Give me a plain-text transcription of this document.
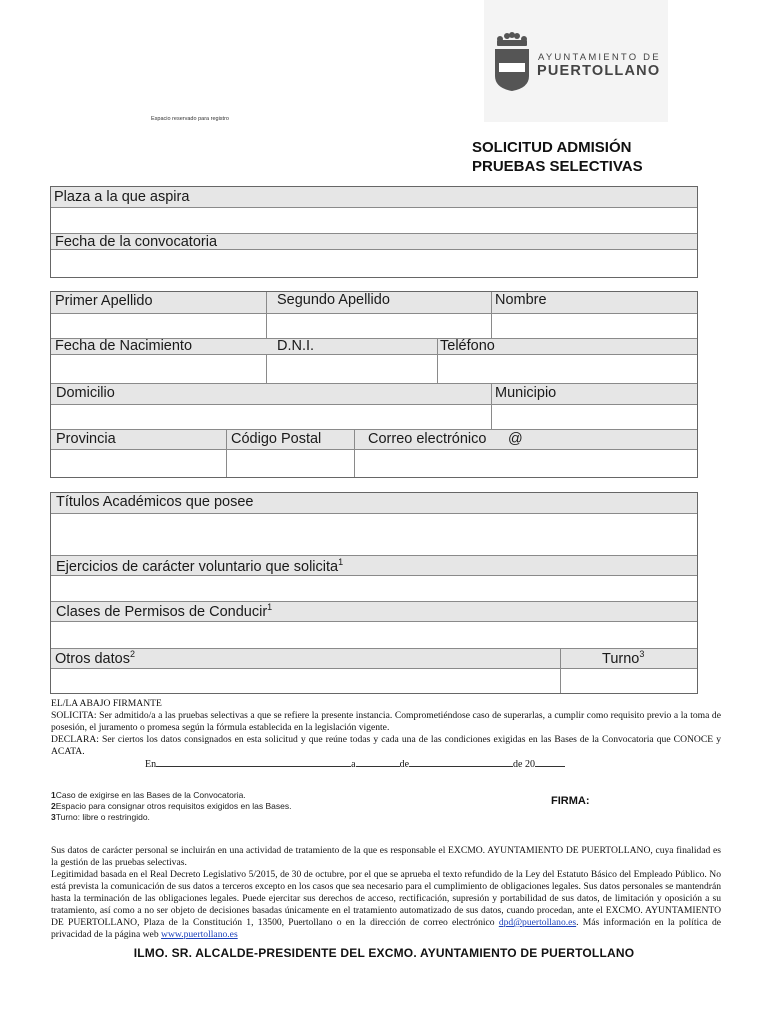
AYUNTAMIENTO DE
PUERTOLLANO
Espacio reservado para registro
SOLICITUD ADMISIÓN
PRUEBAS SELECTIVAS
Plaza a la que aspira
Fecha de la convocatoria
Primer Apellido	Segundo Apellido	Nombre
Fecha de Nacimiento	D.N.I.	Teléfono
Domicilio	Municipio
Provincia	Código Postal	Correo electrónico @
Títulos Académicos que posee
Ejercicios de carácter voluntario que solicita$^1$
Clases de Permisos de Conducir$^1$
Otros datos$^2$	Turno$^3$
EL/LA ABAJO FIRMANTE
SOLICITA: Ser admitido/a a las pruebas selectivas a que se refiere la presente instancia. Comprometiéndose caso de superarlas, a cumplir como requisito previo a la toma de posesión, el juramento o promesa según la fórmula establecida en la legislación vigente.
DECLARA: Ser ciertos los datos consignados en esta solicitud y que reúne todas y cada una de las condiciones exigidas en las Bases de la Convocatoria que CONOCE y ACATA.
En	a	de	de 20
1Caso de exigirse en las Bases de la Convocatoria.
2Espacio para consignar otros requisitos exigidos en las Bases.
3Turno: libre o restringido.
FIRMA:
Sus datos de carácter personal se incluirán en una actividad de tratamiento de la que es responsable el EXCMO. AYUNTAMIENTO DE PUERTOLLANO, cuya finalidad es la gestión de las pruebas selectivas.
Legitimidad basada en el Real Decreto Legislativo 5/2015, de 30 de octubre, por el que se aprueba el texto refundido de la Ley del Estatuto Básico del Empleado Público. No está prevista la comunicación de sus datos a terceros excepto en los casos que sea necesario para el cumplimiento de obligaciones legales. Sus datos personales se mantendrán hasta la terminación de las obligaciones legales. Puede ejercitar sus derechos de acceso, rectificación, supresión y portabilidad de sus datos, de limitación y oposición a su tratamiento, así como a no ser objeto de decisiones basadas únicamente en el tratamiento automatizado de sus datos, cuando procedan, ante el EXCMO. AYUNTAMIENTO DE PUERTOLLANO, Plaza de la Constitución 1, 13500, Puertollano o en la dirección de correo electrónico dpd@puertollano.es. Más información en la política de privacidad de la página web www.puertollano.es
ILMO. SR. ALCALDE-PRESIDENTE DEL EXCMO. AYUNTAMIENTO DE PUERTOLLANO
